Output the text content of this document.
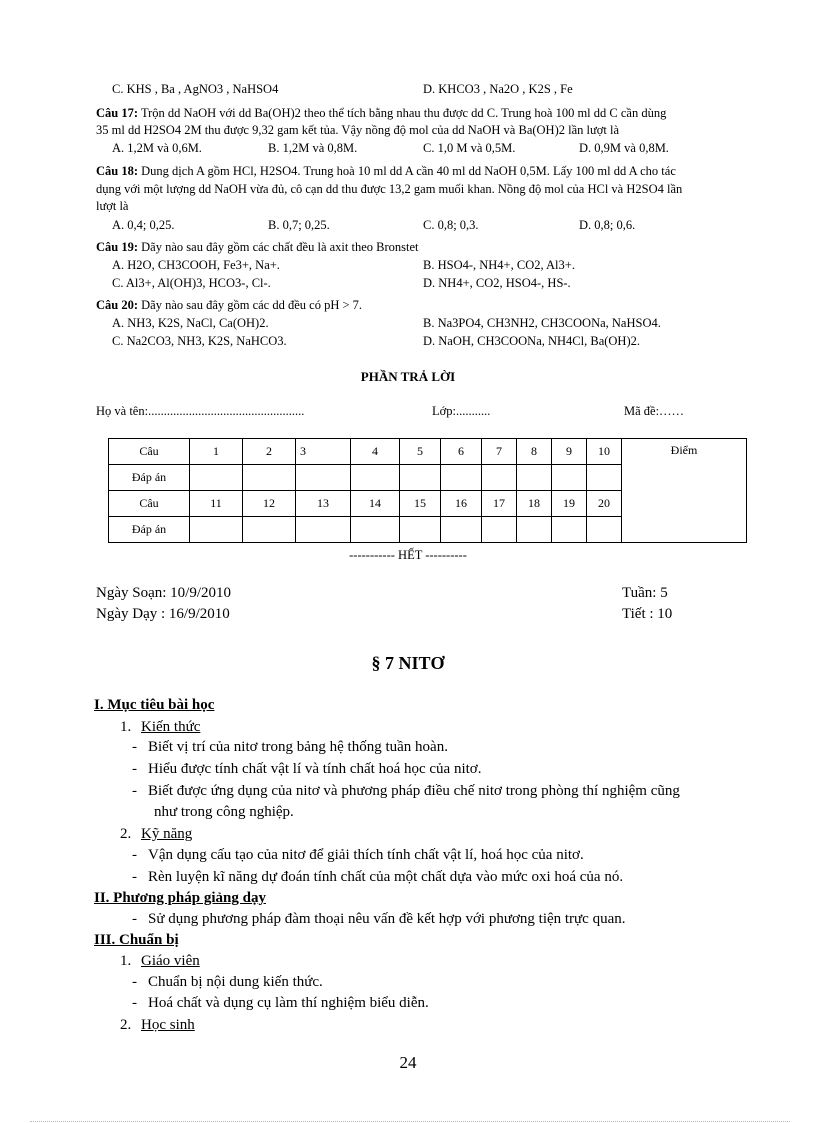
C. KHS , Ba , AgNO3 , NaHSO4	D. KHCO3 , Na2O , K2S , Fe
Câu 17: Trộn dd NaOH với dd Ba(OH)2 theo thể tích bằng nhau thu được dd C. Trung hoà 100 ml dd C cần dùng
35 ml dd H2SO4 2M thu được 9,32 gam kết tủa. Vậy nồng độ mol của dd NaOH và Ba(OH)2 lần lượt là
A. 1,2M và 0,6M.	B. 1,2M và 0,8M.	C. 1,0 M và 0,5M.	D. 0,9M và 0,8M.
Câu 18: Dung dịch A gồm HCl, H2SO4. Trung hoà 10 ml dd A cần 40 ml dd NaOH 0,5M. Lấy 100 ml dd A cho tác
dụng với một lượng dd NaOH vừa đủ, cô cạn dd thu được 13,2 gam muối khan. Nồng độ mol của HCl và H2SO4 lần
lượt là
A. 0,4; 0,25.	B. 0,7; 0,25.	C. 0,8; 0,3.	D. 0,8; 0,6.
Câu 19: Dãy nào sau đây gồm các chất đều là axit theo Bronstet
A. H2O, CH3COOH, Fe3+, Na+.	B. HSO4-, NH4+, CO2, Al3+.
C. Al3+, Al(OH)3, HCO3-, Cl-.	D. NH4+, CO2, HSO4-, HS-.
Câu 20: Dãy nào sau đây gồm các dd đều có pH > 7.
A. NH3, K2S, NaCl, Ca(OH)2.	B. Na3PO4, CH3NH2, CH3COONa, NaHSO4.
C. Na2CO3, NH3, K2S, NaHCO3.	D. NaOH, CH3COONa, NH4Cl, Ba(OH)2.
PHẦN TRẢ LỜI
Họ và tên:..................................................	Lớp:...........	Mã đề:……
Câu	1	2	3	4	5	6	7	8	9	10	Điểm
Đáp án											
Câu	11	12	13	14	15	16	17	18	19	20	
Đáp án											
----------- HẾT ----------
Ngày Soạn: 10/9/2010
Ngày Dạy : 16/9/2010
Tuần: 5
Tiết : 10
§ 7 NITƠ
I. Mục tiêu bài học
1. Kiến thức
- Biết vị trí của nitơ trong bảng hệ thống tuần hoàn.
- Hiểu được tính chất vật lí và tính chất hoá học của nitơ.
- Biết được ứng dụng của nitơ và phương pháp điều chế nitơ trong phòng thí nghiệm cũng
như trong công nghiệp.
2. Kỹ năng
- Vận dụng cấu tạo của nitơ để giải thích tính chất vật lí, hoá học của nitơ.
- Rèn luyện kĩ năng dự đoán tính chất của một chất dựa vào mức oxi hoá của nó.
II. Phương pháp giảng dạy
- Sử dụng phương pháp đàm thoại nêu vấn đề kết hợp với phương tiện trực quan.
III. Chuẩn bị
1. Giáo viên
- Chuẩn bị nội dung kiến thức.
- Hoá chất và dụng cụ làm thí nghiệm biểu diễn.
2. Học sinh
24
